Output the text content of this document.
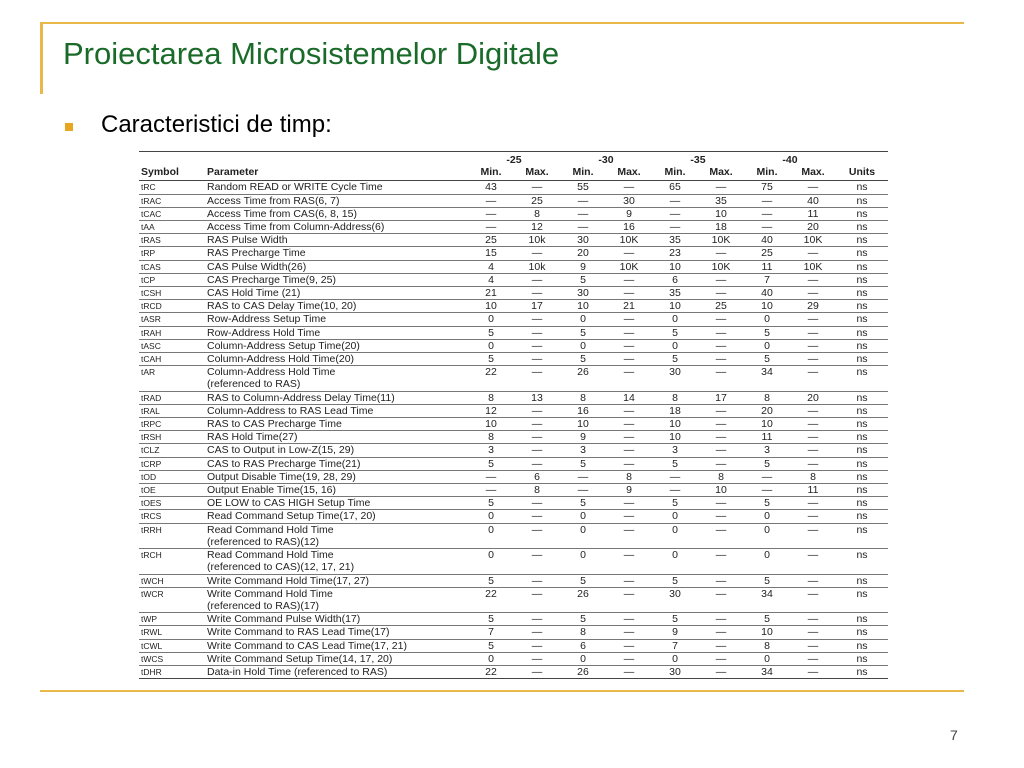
Proiectarea Microsistemelor Digitale
Caracteristici de timp:
		-25		-30		-35		-40		
Symbol	Parameter	Min.	Max.	Min.	Max.	Min.	Max.	Min.	Max.	Units
tRC	Random READ or WRITE Cycle Time	43	—	55	—	65	—	75	—	ns
tRAC	Access Time from RAS(6, 7)	—	25	—	30	—	35	—	40	ns
tCAC	Access Time from CAS(6, 8, 15)	—	8	—	9	—	10	—	11	ns
tAA	Access Time from Column-Address(6)	—	12	—	16	—	18	—	20	ns
tRAS	RAS Pulse Width	25	10k	30	10K	35	10K	40	10K	ns
tRP	RAS Precharge Time	15	—	20	—	23	—	25	—	ns
tCAS	CAS Pulse Width(26)	4	10k	9	10K	10	10K	11	10K	ns
tCP	CAS Precharge Time(9, 25)	4	—	5	—	6	—	7	—	ns
tCSH	CAS Hold Time (21)	21	—	30	—	35	—	40	—	ns
tRCD	RAS to CAS Delay Time(10, 20)	10	17	10	21	10	25	10	29	ns
tASR	Row-Address Setup Time	0	—	0	—	0	—	0	—	ns
tRAH	Row-Address Hold Time	5	—	5	—	5	—	5	—	ns
tASC	Column-Address Setup Time(20)	0	—	0	—	0	—	0	—	ns
tCAH	Column-Address Hold Time(20)	5	—	5	—	5	—	5	—	ns
tAR	Column-Address Hold Time
(referenced to RAS)	22	—	26	—	30	—	34	—	ns
tRAD	RAS to Column-Address Delay Time(11)	8	13	8	14	8	17	8	20	ns
tRAL	Column-Address to RAS Lead Time	12	—	16	—	18	—	20	—	ns
tRPC	RAS to CAS Precharge Time	10	—	10	—	10	—	10	—	ns
tRSH	RAS Hold Time(27)	8	—	9	—	10	—	11	—	ns
tCLZ	CAS to Output in Low-Z(15, 29)	3	—	3	—	3	—	3	—	ns
tCRP	CAS to RAS Precharge Time(21)	5	—	5	—	5	—	5	—	ns
tOD	Output Disable Time(19, 28, 29)	—	6	—	8	—	8	—	8	ns
tOE	Output Enable Time(15, 16)	—	8	—	9	—	10	—	11	ns
tOES	OE LOW to CAS HIGH Setup Time	5	—	5	—	5	—	5	—	ns
tRCS	Read Command Setup Time(17, 20)	0	—	0	—	0	—	0	—	ns
tRRH	Read Command Hold Time
(referenced to RAS)(12)	0	—	0	—	0	—	0	—	ns
tRCH	Read Command Hold Time
(referenced to CAS)(12, 17, 21)	0	—	0	—	0	—	0	—	ns
tWCH	Write Command Hold Time(17, 27)	5	—	5	—	5	—	5	—	ns
tWCR	Write Command Hold Time
(referenced to RAS)(17)	22	—	26	—	30	—	34	—	ns
tWP	Write Command Pulse Width(17)	5	—	5	—	5	—	5	—	ns
tRWL	Write Command to RAS Lead Time(17)	7	—	8	—	9	—	10	—	ns
tCWL	Write Command to CAS Lead Time(17, 21)	5	—	6	—	7	—	8	—	ns
tWCS	Write Command Setup Time(14, 17, 20)	0	—	0	—	0	—	0	—	ns
tDHR	Data-in Hold Time (referenced to RAS)	22	—	26	—	30	—	34	—	ns
7
